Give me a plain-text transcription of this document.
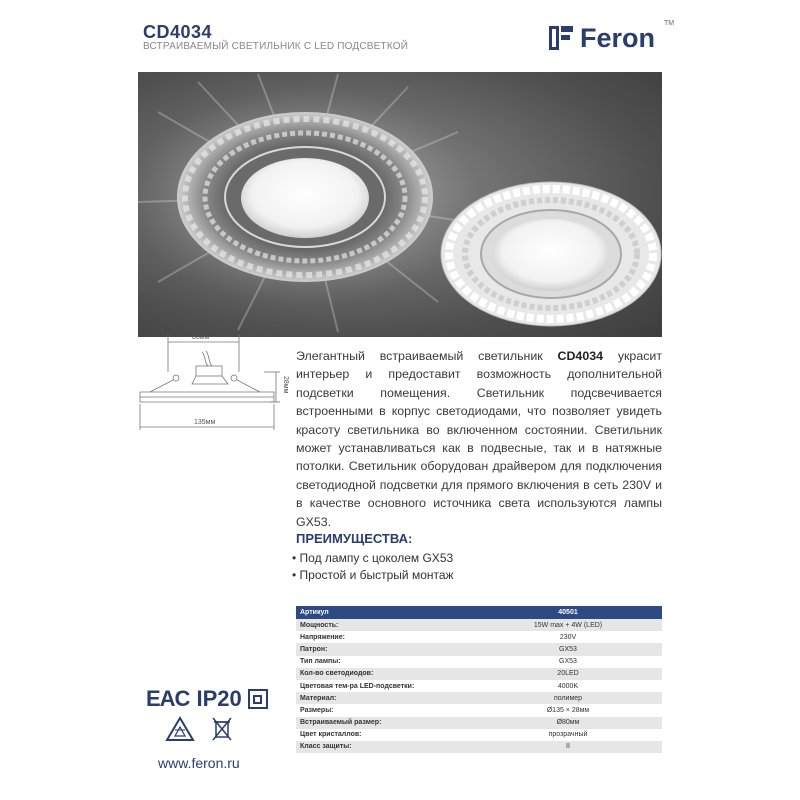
CD4034
ВСТРАИВАЕМЫЙ СВЕТИЛЬНИК С LED ПОДСВЕТКОЙ	Feron TM
80мм
28мм
135мм
Элегантный встраиваемый светильник CD4034 украсит интерьер и предоставит возможность дополнительной подсветки помещения. Светильник подсвечивается встроенными в корпус светодиодами, что позволяет увидеть красоту светильника во включенном состоянии. Светильник может устанавливаться как в подвесные, так и в натяжные потолки. Светильник оборудован драйвером для подключения светодиодной подсветки для прямого включения в сеть 230V и в качестве основного источника света используются лампы GX53.
ПРЕИМУЩЕСТВА:
• Под лампу с цоколем GX53
• Простой и быстрый монтаж
Артикул	40501
Мощность:	15W max + 4W (LED)
Напряжение:	230V
Патрон:	GX53
Тип лампы:	GX53
Кол-во светодиодов:	20LED
Цветовая тем-ра LED-подсветки:	4000K
Материал:	полимер
Размеры:	Ø135 × 28мм
Встраиваемый размер:	Ø80мм
Цвет кристаллов:	прозрачный
Класс защиты:	II
EAC IP20
www.feron.ru
